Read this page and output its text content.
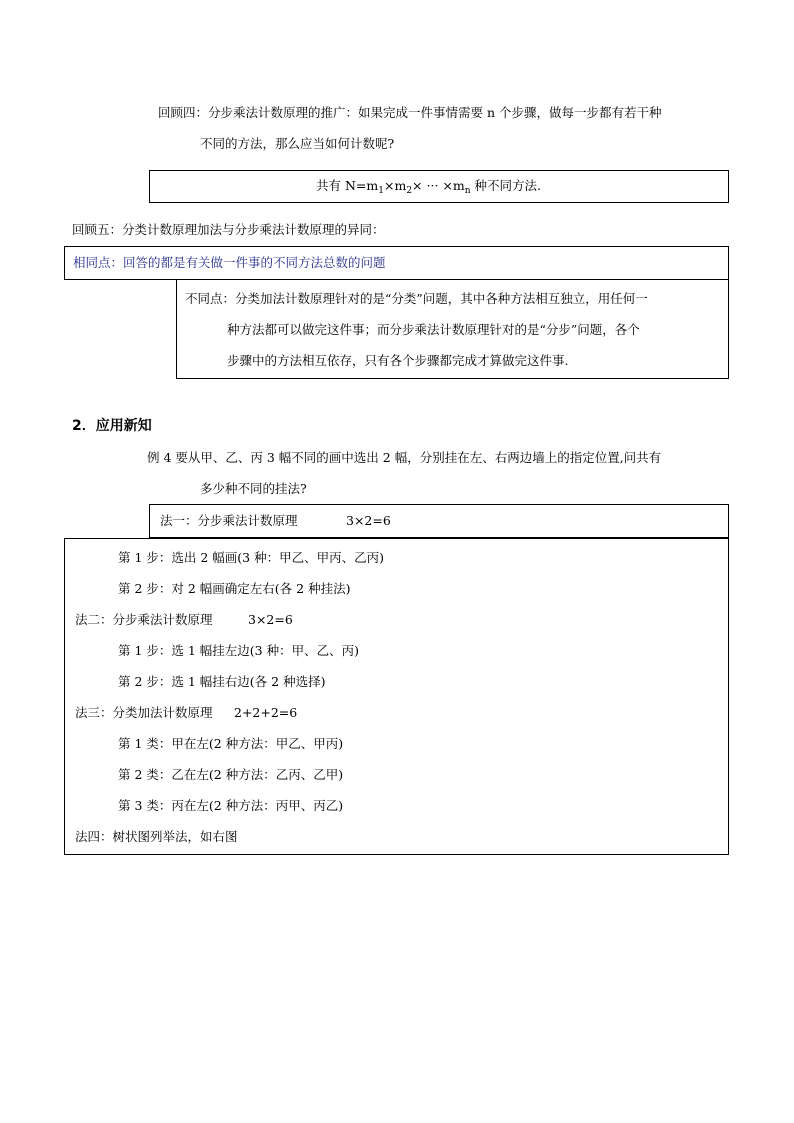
回顾四：分步乘法计数原理的推广：如果完成一件事情需要 n 个步骤，做每一步都有若干种
不同的方法，那么应当如何计数呢?
共有 $N=m_1\times m_2\times$ ··· $\times m_n$ 种不同方法.
回顾五：分类计数原理加法与分步乘法计数原理的异同：
相同点：回答的都是有关做一件事的不同方法总数的问题
不同点：分类加法计数原理针对的是“分类”问题，其中各种方法相互独立，用任何一
种方法都可以做完这件事；而分步乘法计数原理针对的是“分步”问题，各个
步骤中的方法相互依存，只有各个步骤都完成才算做完这件事.
2．应用新知
例 4 要从甲、乙、丙 3 幅不同的画中选出 2 幅，分别挂在左、右两边墙上的指定位置,问共有
多少种不同的挂法?
法一：分步乘法计数原理	3×2=6
第 1 步：选出 2 幅画(3 种：甲乙、甲丙、乙丙)
第 2 步：对 2 幅画确定左右(各 2 种挂法)
法二：分步乘法计数原理	3×2=6
第 1 步：选 1 幅挂左边(3 种：甲、乙、丙)
第 2 步：选 1 幅挂右边(各 2 种选择)
法三：分类加法计数原理 2+2+2=6
第 1 类：甲在左(2 种方法：甲乙、甲丙)
第 2 类：乙在左(2 种方法：乙丙、乙甲)
第 3 类：丙在左(2 种方法：丙甲、丙乙)
法四：树状图列举法，如右图
